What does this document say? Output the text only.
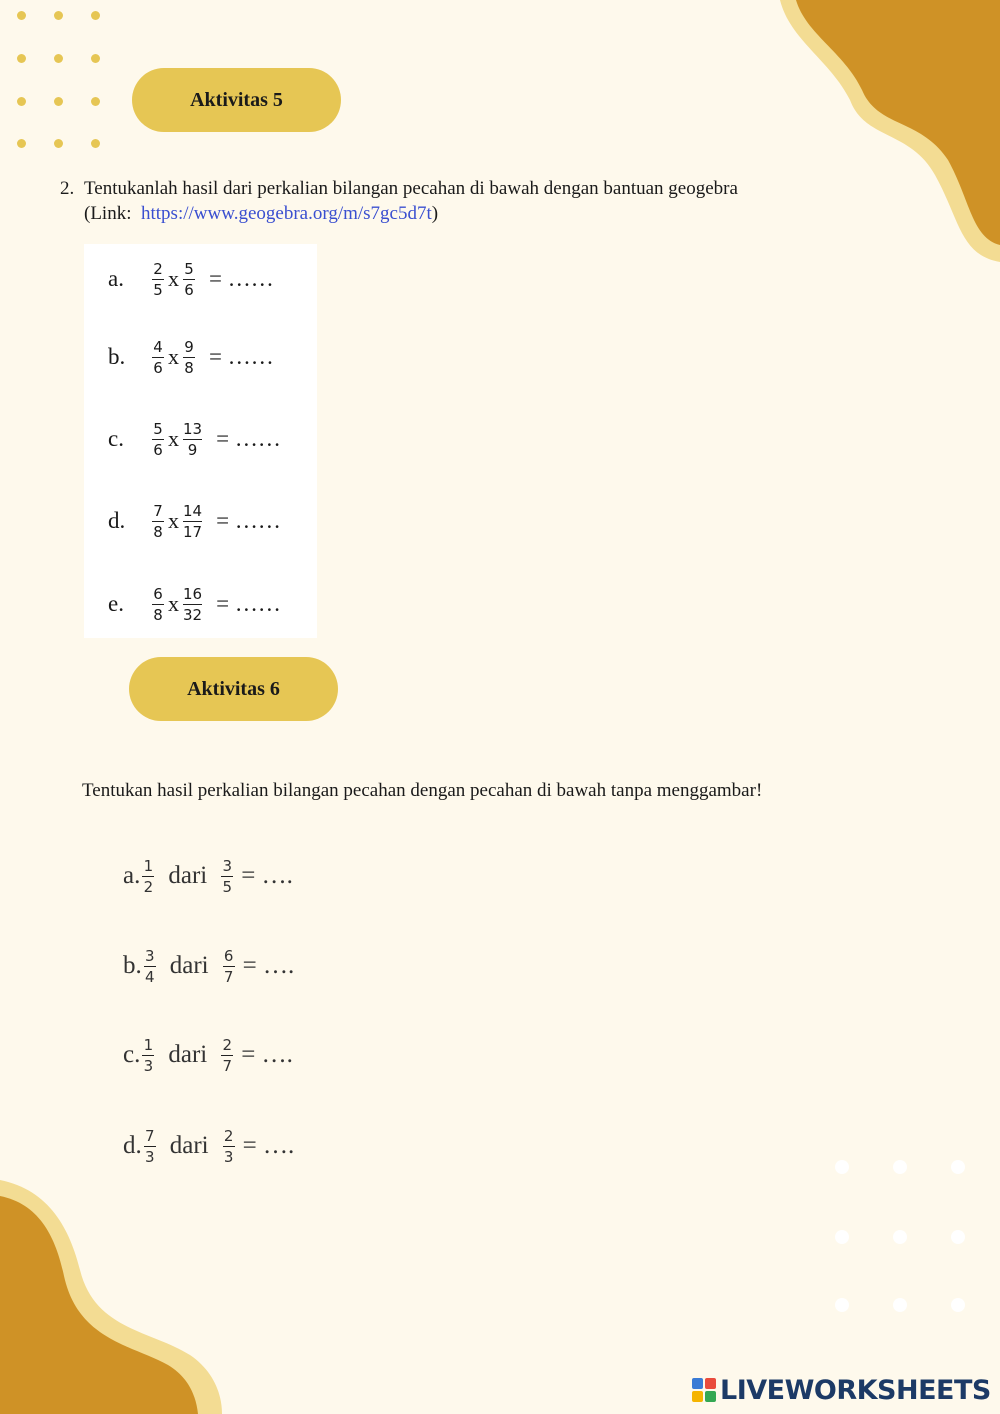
Aktivitas 5
2. Tentukanlah hasil dari perkalian bilangan pecahan di bawah dengan bantuan geogebra
(Link: https://www.geogebra.org/m/s7gc5d7t)
a.	$\frac{2}{5}$ x $\frac{5}{6}$ = ……
b.	$\frac{4}{6}$ x $\frac{9}{8}$ = ……
c.	$\frac{5}{6}$ x $\frac{13}{9}$ = ……
d.	$\frac{7}{8}$ x $\frac{14}{17}$ = ……
e.	$\frac{6}{8}$ x $\frac{16}{32}$ = ……
Aktivitas 6
Tentukan hasil perkalian bilangan pecahan dengan pecahan di bawah tanpa menggambar!
a. $\frac{1}{2}$ dari $\frac{3}{5}$ = ….
b. $\frac{3}{4}$ dari $\frac{6}{7}$ = ….
c. $\frac{1}{3}$ dari $\frac{2}{7}$ = ….
d. $\frac{7}{3}$ dari $\frac{2}{3}$ = ….
LIVEWORKSHEETS
